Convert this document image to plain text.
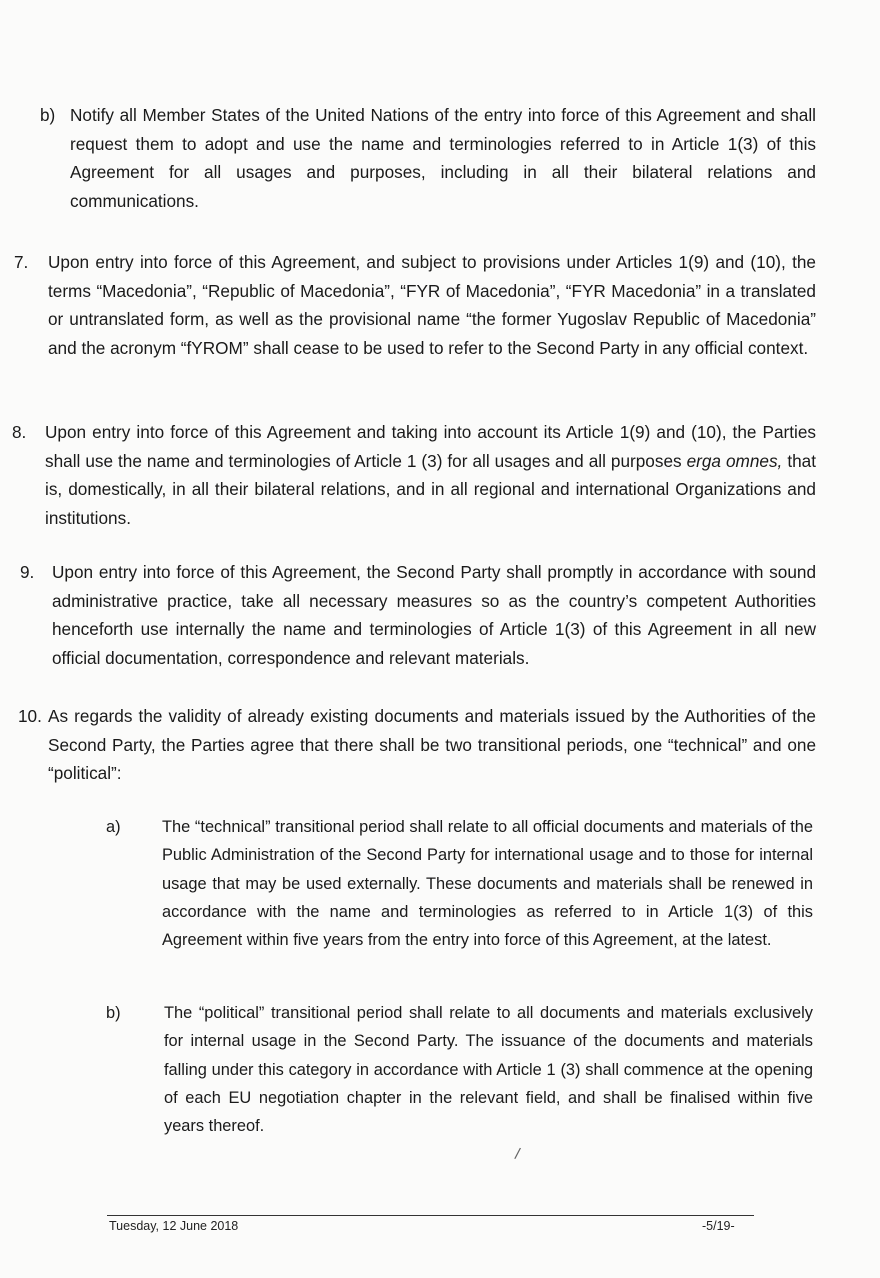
b) Notify all Member States of the United Nations of the entry into force of this Agreement and shall request them to adopt and use the name and terminologies referred to in Article 1(3) of this Agreement for all usages and purposes, including in all their bilateral relations and communications.
7. Upon entry into force of this Agreement, and subject to provisions under Articles 1(9) and (10), the terms “Macedonia”, “Republic of Macedonia”, “FYR of Macedonia”, “FYR Macedonia” in a translated or untranslated form, as well as the provisional name “the former Yugoslav Republic of Macedonia” and the acronym “fYROM” shall cease to be used to refer to the Second Party in any official context.
8. Upon entry into force of this Agreement and taking into account its Article 1(9) and (10), the Parties shall use the name and terminologies of Article 1 (3) for all usages and all purposes erga omnes, that is, domestically, in all their bilateral relations, and in all regional and international Organizations and institutions.
9. Upon entry into force of this Agreement, the Second Party shall promptly in accordance with sound administrative practice, take all necessary measures so as the country’s competent Authorities henceforth use internally the name and terminologies of Article 1(3) of this Agreement in all new official documentation, correspondence and relevant materials.
10. As regards the validity of already existing documents and materials issued by the Authorities of the Second Party, the Parties agree that there shall be two transitional periods, one “technical” and one “political”:
a)	The “technical” transitional period shall relate to all official documents and materials of the Public Administration of the Second Party for international usage and to those for internal usage that may be used externally. These documents and materials shall be renewed in accordance with the name and terminologies as referred to in Article 1(3) of this Agreement within five years from the entry into force of this Agreement, at the latest.
b)	The “political” transitional period shall relate to all documents and materials exclusively for internal usage in the Second Party. The issuance of the documents and materials falling under this category in accordance with Article 1 (3) shall commence at the opening of each EU negotiation chapter in the relevant field, and shall be finalised within five years thereof.
/
Tuesday, 12 June 2018	-5/19-
